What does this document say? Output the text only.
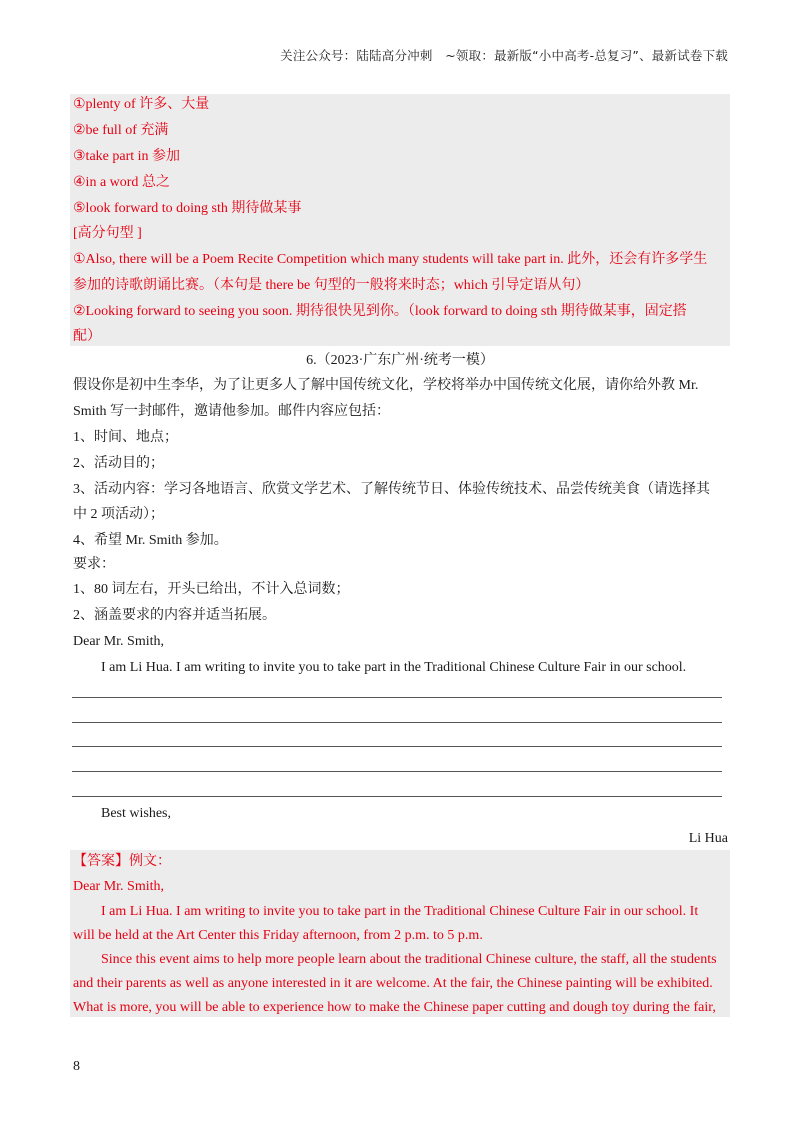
关注公众号：陆陆高分冲刺　~领取：最新版“小中高考-总复习”、最新试卷下载
①plenty of 许多、大量
②be full of 充满
③take part in 参加
④in a word 总之
⑤look forward to doing sth 期待做某事
[高分句型 ]
①Also, there will be a Poem Recite Competition which many students will take part in. 此外，还会有许多学生
参加的诗歌朗诵比赛。（本句是 there be 句型的一般将来时态；which 引导定语从句）
②Looking forward to seeing you soon. 期待很快见到你。（look forward to doing sth 期待做某事，固定搭
配）
6.（2023·广东广州·统考一模）
假设你是初中生李华，为了让更多人了解中国传统文化，学校将举办中国传统文化展，请你给外教 Mr.
Smith 写一封邮件，邀请他参加。邮件内容应包括：
1、时间、地点；
2、活动目的；
3、活动内容：学习各地语言、欣赏文学艺术、了解传统节日、体验传统技术、品尝传统美食（请选择其
中 2 项活动）；
4、希望 Mr. Smith 参加。
要求：
1、80 词左右，开头已给出，不计入总词数；
2、涵盖要求的内容并适当拓展。
Dear Mr. Smith,
I am Li Hua. I am writing to invite you to take part in the Traditional Chinese Culture Fair in our school.
Best wishes,
Li Hua
【答案】例文：
Dear Mr. Smith,
I am Li Hua. I am writing to invite you to take part in the Traditional Chinese Culture Fair in our school. It
will be held at the Art Center this Friday afternoon, from 2 p.m. to 5 p.m.
Since this event aims to help more people learn about the traditional Chinese culture, the staff, all the students
and their parents as well as anyone interested in it are welcome. At the fair, the Chinese painting will be exhibited.
What is more, you will be able to experience how to make the Chinese paper cutting and dough toy during the fair,
8
